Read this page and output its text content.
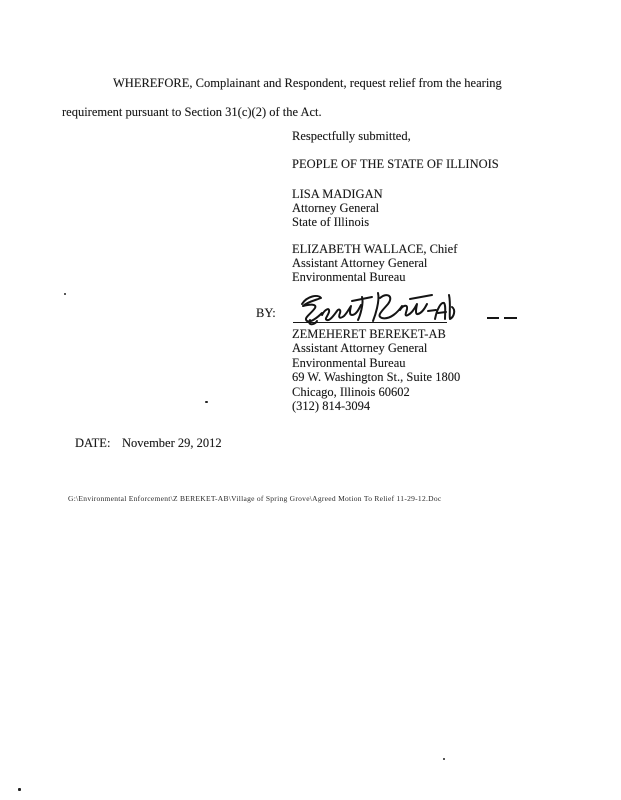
WHEREFORE, Complainant and Respondent, request relief from the hearing
requirement pursuant to Section 31(c)(2) of the Act.
Respectfully submitted,
PEOPLE OF THE STATE OF ILLINOIS
LISA MADIGAN
Attorney General
State of Illinois
ELIZABETH WALLACE, Chief
Assistant Attorney General
Environmental Bureau
BY:
ZEMEHERET BEREKET-AB
Assistant Attorney General
Environmental Bureau
69 W. Washington St., Suite 1800
Chicago, Illinois 60602
(312) 814-3094
DATE: November 29, 2012
G:\Environmental Enforcement\Z BEREKET-AB\Village of Spring Grove\Agreed Motion To Relief 11-29-12.Doc
